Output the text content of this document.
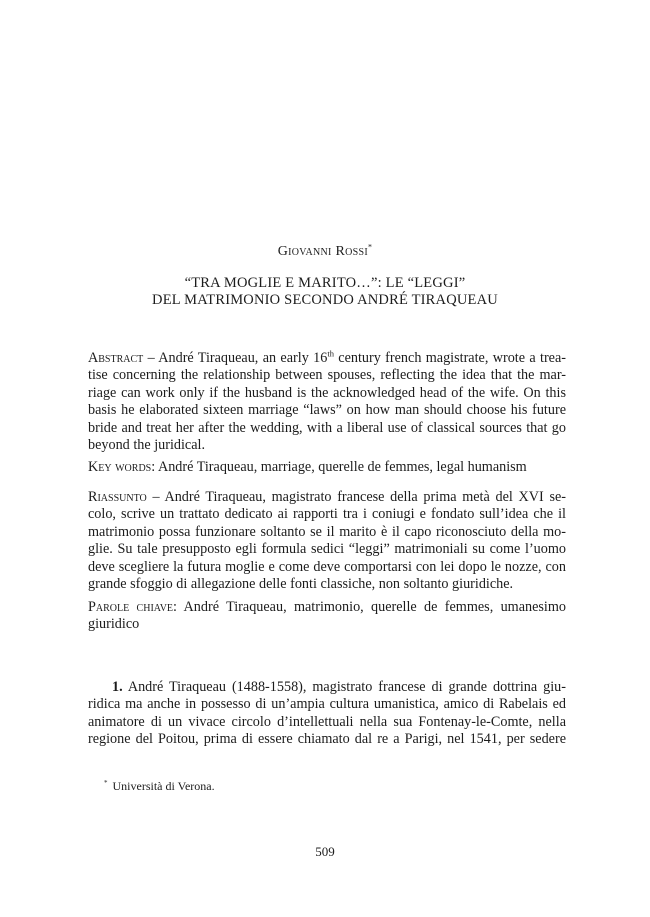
Giovanni Rossi*
“TRA MOGLIE E MARITO…”: LE “LEGGI”
DEL MATRIMONIO SECONDO ANDRÉ TIRAQUEAU
Abstract – André Tiraqueau, an early 16th century french magistrate, wrote a trea-
tise concerning the relationship between spouses, reflecting the idea that the mar-
riage can work only if the husband is the acknowledged head of the wife. On this
basis he elaborated sixteen marriage “laws” on how man should choose his future
bride and treat her after the wedding, with a liberal use of classical sources that go
beyond the juridical.
Key words: André Tiraqueau, marriage, querelle de femmes, legal humanism
Riassunto – André Tiraqueau, magistrato francese della prima metà del XVI se-
colo, scrive un trattato dedicato ai rapporti tra i coniugi e fondato sull’idea che il
matrimonio possa funzionare soltanto se il marito è il capo riconosciuto della mo-
glie. Su tale presupposto egli formula sedici “leggi” matrimoniali su come l’uomo
deve scegliere la futura moglie e come deve comportarsi con lei dopo le nozze, con
grande sfoggio di allegazione delle fonti classiche, non soltanto giuridiche.
Parole chiave: André Tiraqueau, matrimonio, querelle de femmes, umanesimo
giuridico
1. André Tiraqueau (1488-1558), magistrato francese di grande dottrina giu-
ridica ma anche in possesso di un’ampia cultura umanistica, amico di Rabelais ed
animatore di un vivace circolo d’intellettuali nella sua Fontenay-le-Comte, nella
regione del Poitou, prima di essere chiamato dal re a Parigi, nel 1541, per sedere
* Università di Verona.
509
